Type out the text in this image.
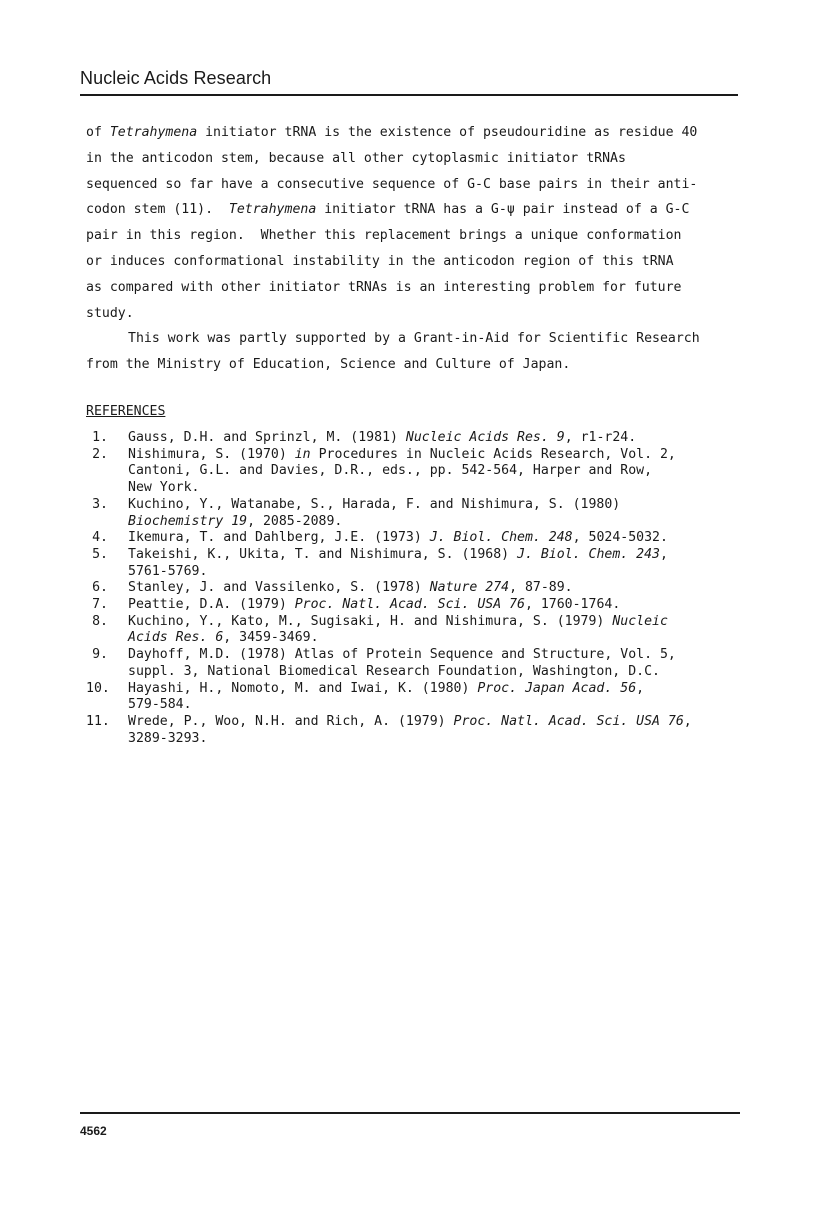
Nucleic Acids Research

of Tetrahymena initiator tRNA is the existence of pseudouridine as residue 40

in the anticodon stem, because all other cytoplasmic initiator tRNAs

sequenced so far have a consecutive sequence of G-C base pairs in their anti-

codon stem (11).  Tetrahymena initiator tRNA has a G-ψ pair instead of a G-C

pair in this region.  Whether this replacement brings a unique conformation

or induces conformational instability in the anticodon region of this tRNA

as compared with other initiator tRNAs is an interesting problem for future

study.

This work was partly supported by a Grant-in-Aid for Scientific Research

from the Ministry of Education, Science and Culture of Japan.

REFERENCES
1. Gauss, D.H. and Sprinzl, M. (1981) Nucleic Acids Res. 9, r1-r24.
2. Nishimura, S. (1970) in Procedures in Nucleic Acids Research, Vol. 2,
Cantoni, G.L. and Davies, D.R., eds., pp. 542-564, Harper and Row,
New York.
3. Kuchino, Y., Watanabe, S., Harada, F. and Nishimura, S. (1980)
Biochemistry 19, 2085-2089.
4. Ikemura, T. and Dahlberg, J.E. (1973) J. Biol. Chem. 248, 5024-5032.
5. Takeishi, K., Ukita, T. and Nishimura, S. (1968) J. Biol. Chem. 243,
5761-5769.
6. Stanley, J. and Vassilenko, S. (1978) Nature 274, 87-89.
7. Peattie, D.A. (1979) Proc. Natl. Acad. Sci. USA 76, 1760-1764.
8. Kuchino, Y., Kato, M., Sugisaki, H. and Nishimura, S. (1979) Nucleic
Acids Res. 6, 3459-3469.
9. Dayhoff, M.D. (1978) Atlas of Protein Sequence and Structure, Vol. 5,
suppl. 3, National Biomedical Research Foundation, Washington, D.C.
10. Hayashi, H., Nomoto, M. and Iwai, K. (1980) Proc. Japan Acad. 56,
579-584.
11. Wrede, P., Woo, N.H. and Rich, A. (1979) Proc. Natl. Acad. Sci. USA 76,
3289-3293.
4562
